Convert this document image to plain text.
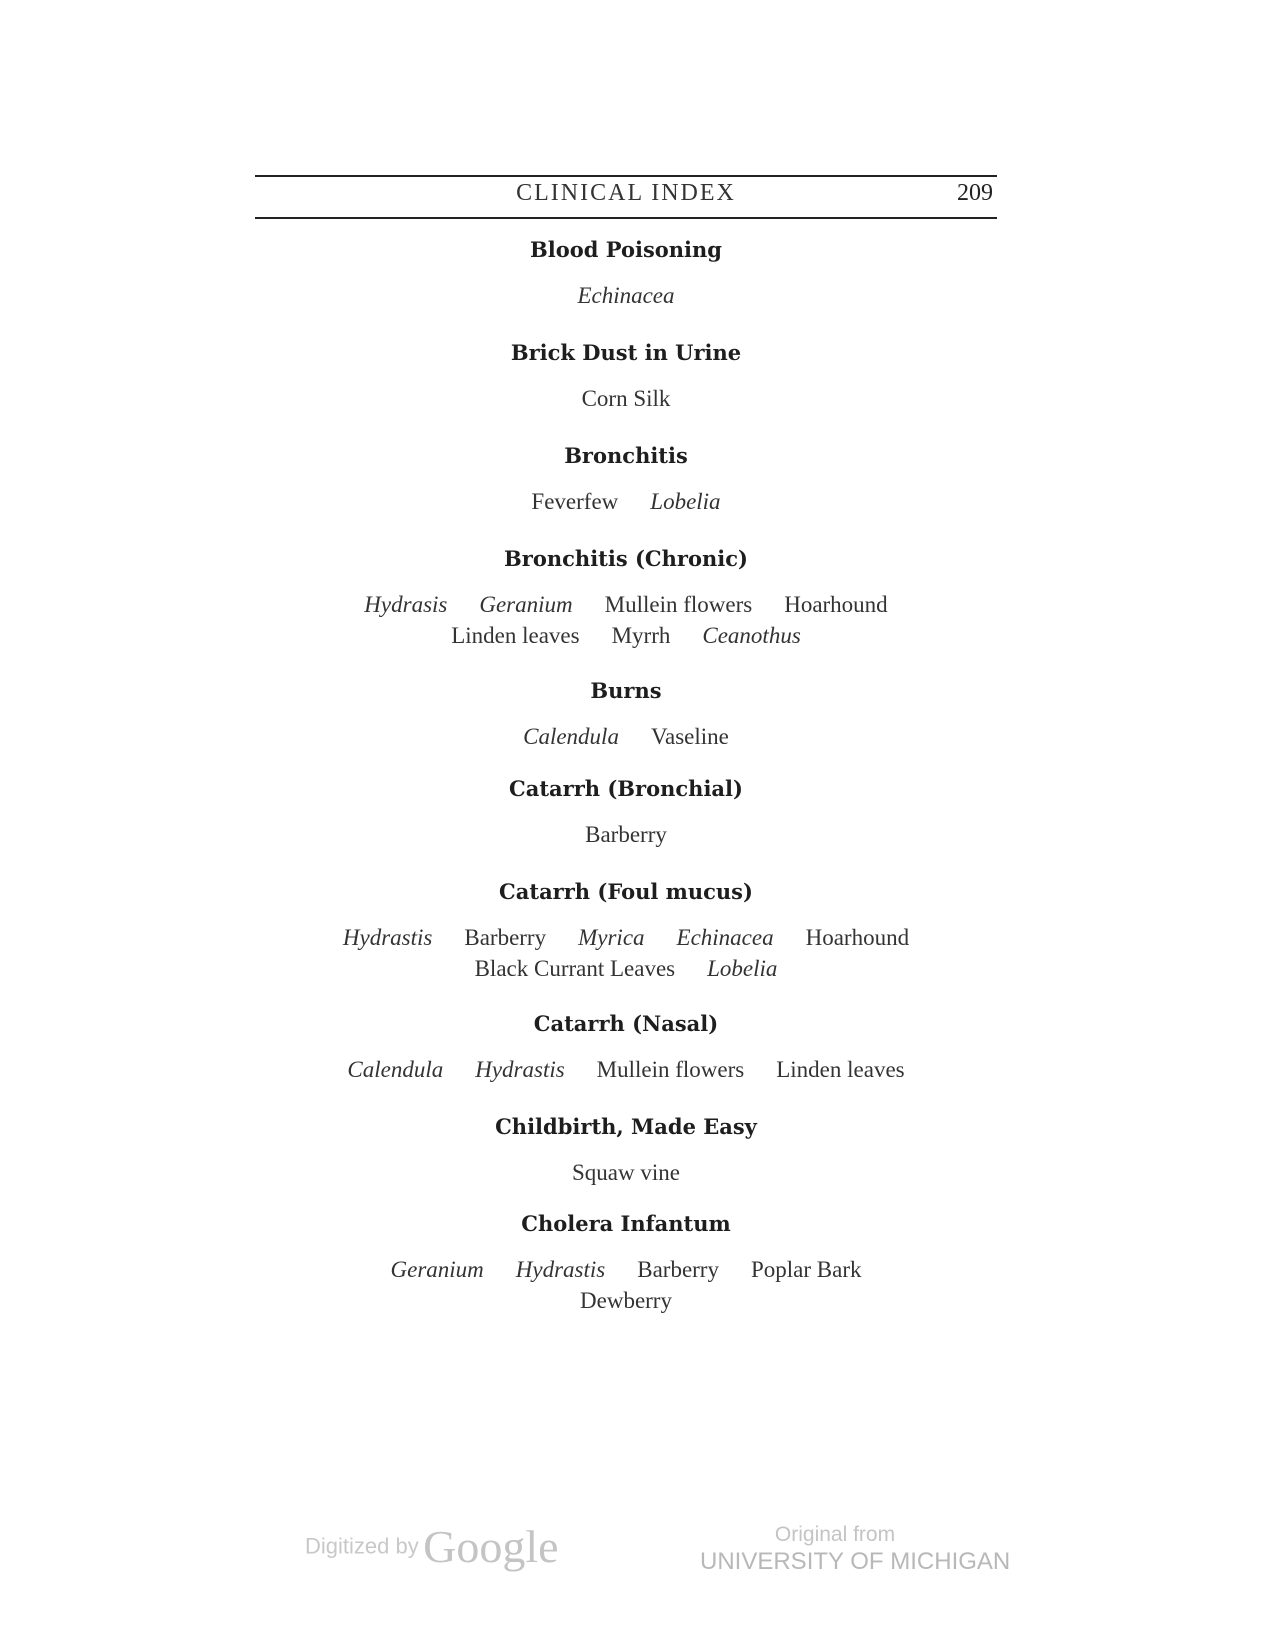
CLINICAL INDEX	209
Blood Poisoning
Echinacea
Brick Dust in Urine
Corn Silk
Bronchitis
Feverfew Lobelia
Bronchitis (Chronic)
Hydrasis Geranium Mullein flowers Hoarhound
Linden leaves Myrrh Ceanothus
Burns
Calendula Vaseline
Catarrh (Bronchial)
Barberry
Catarrh (Foul mucus)
Hydrastis Barberry Myrica Echinacea Hoarhound
Black Currant Leaves Lobelia
Catarrh (Nasal)
Calendula Hydrastis Mullein flowers Linden leaves
Childbirth, Made Easy
Squaw vine
Cholera Infantum
Geranium Hydrastis Barberry Poplar Bark
Dewberry
Digitized by Google	Original from
UNIVERSITY OF MICHIGAN
